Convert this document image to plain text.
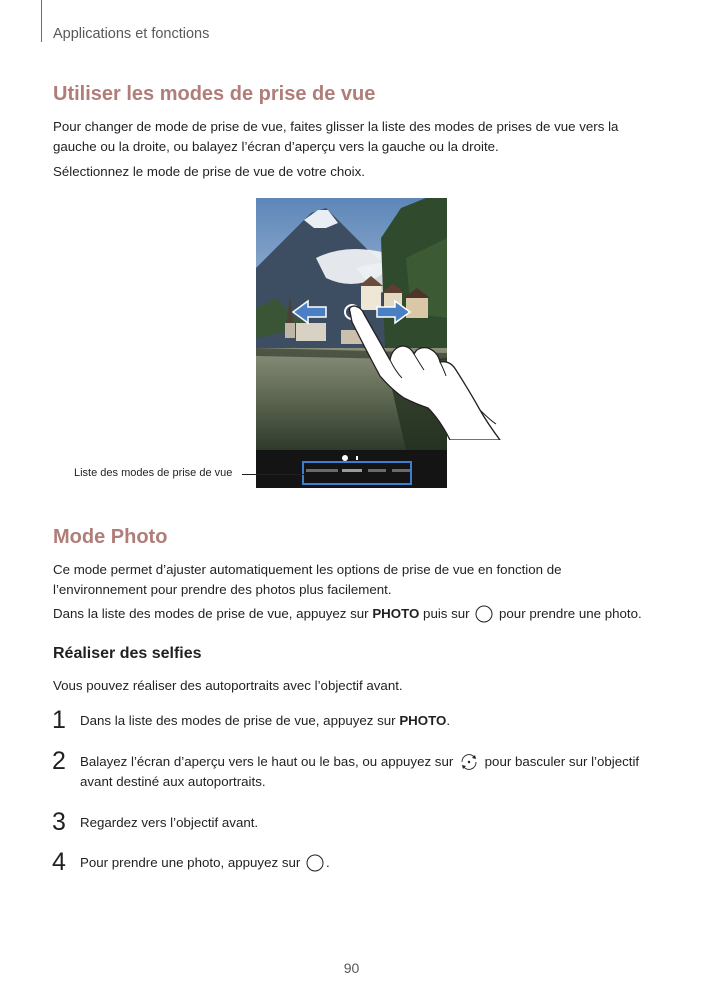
Applications et fonctions
Utiliser les modes de prise de vue
Pour changer de mode de prise de vue, faites glisser la liste des modes de prises de vue vers la gauche ou la droite, ou balayez l’écran d’aperçu vers la gauche ou la droite.
Sélectionnez le mode de prise de vue de votre choix.
Liste des modes de prise de vue
Mode Photo
Ce mode permet d’ajuster automatiquement les options de prise de vue en fonction de l’environnement pour prendre des photos plus facilement.
Dans la liste des modes de prise de vue, appuyez sur PHOTO puis sur  pour prendre une photo.
Réaliser des selfies
Vous pouvez réaliser des autoportraits avec l’objectif avant.
1 Dans la liste des modes de prise de vue, appuyez sur PHOTO.
2 Balayez l’écran d’aperçu vers le haut ou le bas, ou appuyez sur  pour basculer sur l’objectif avant destiné aux autoportraits.
3 Regardez vers l’objectif avant.
4 Pour prendre une photo, appuyez sur .
90
